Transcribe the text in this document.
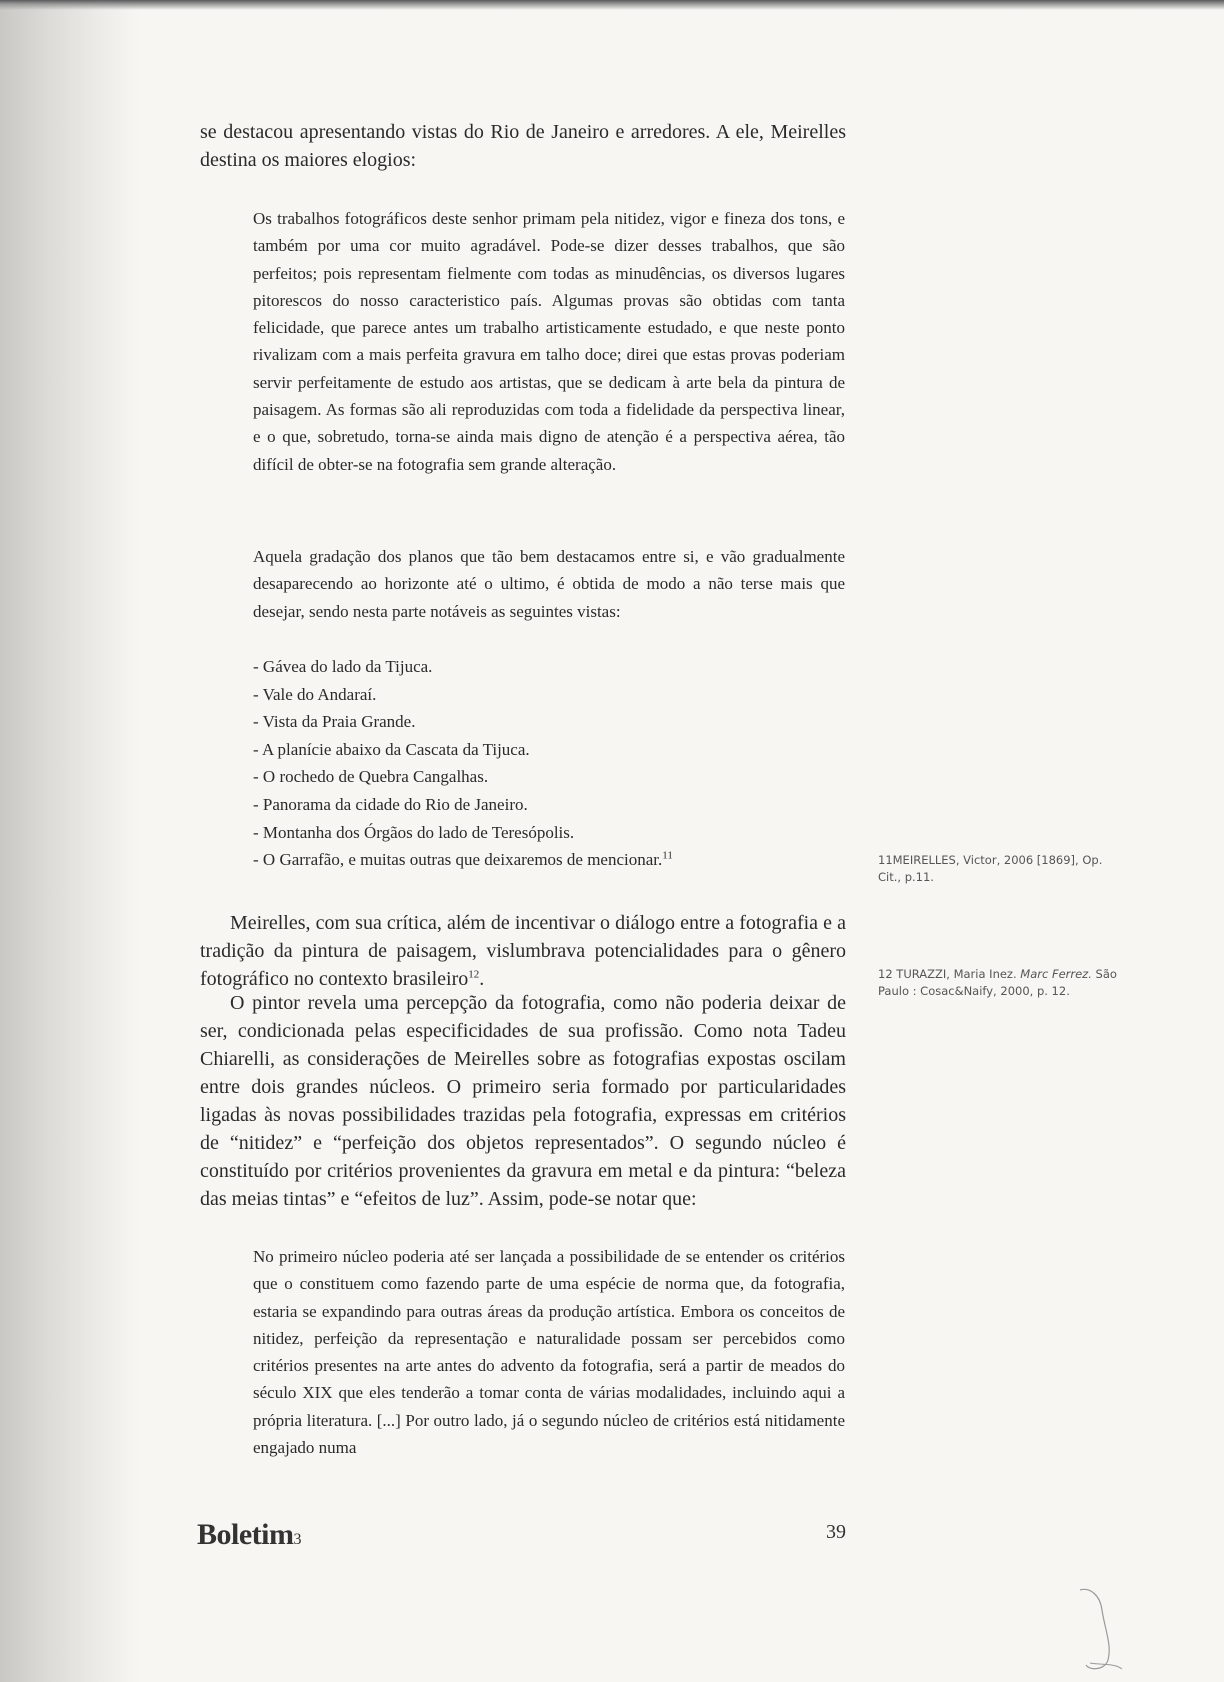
se destacou apresentando vistas do Rio de Janeiro e arredores. A ele, Meirelles destina os maiores elogios:

Os trabalhos fotográficos deste senhor primam pela nitidez, vigor e fineza dos tons, e também por uma cor muito agradável. Pode-se dizer desses trabalhos, que são perfeitos; pois representam fielmente com todas as minudências, os diversos lugares pitorescos do nosso caracteristico país. Algumas provas são obtidas com tanta felicidade, que parece antes um trabalho artisticamente estudado, e que neste ponto rivalizam com a mais perfeita gravura em talho doce; direi que estas provas poderiam servir perfeitamente de estudo aos artistas, que se dedicam à arte bela da pintura de paisagem. As formas são ali reproduzidas com toda a fidelidade da perspectiva linear, e o que, sobretudo, torna-se ainda mais digno de atenção é a perspectiva aérea, tão difícil de obter-se na fotografia sem grande alteração.

Aquela gradação dos planos que tão bem destacamos entre si, e vão gradualmente desaparecendo ao horizonte até o ultimo, é obtida de modo a não terse mais que desejar, sendo nesta parte notáveis as seguintes vistas:

- Gávea do lado da Tijuca.
- Vale do Andaraí.
- Vista da Praia Grande.
- A planície abaixo da Cascata da Tijuca.
- O rochedo de Quebra Cangalhas.
- Panorama da cidade do Rio de Janeiro.
- Montanha dos Órgãos do lado de Teresópolis.
- O Garrafão, e muitas outras que deixaremos de mencionar.$^{11}$

Meirelles, com sua crítica, além de incentivar o diálogo entre a fotografia e a tradição da pintura de paisagem, vislumbrava potencialidades para o gênero fotográfico no contexto brasileiro$^{12}$.

O pintor revela uma percepção da fotografia, como não poderia deixar de ser, condicionada pelas especificidades de sua profissão. Como nota Tadeu Chiarelli, as considerações de Meirelles sobre as fotografias expostas oscilam entre dois grandes núcleos. O primeiro seria formado por particularidades ligadas às novas possibilidades trazidas pela fotografia, expressas em critérios de “nitidez” e “perfeição dos objetos representados”. O segundo núcleo é constituído por critérios provenientes da gravura em metal e da pintura: “beleza das meias tintas” e “efeitos de luz”. Assim, pode-se notar que:

No primeiro núcleo poderia até ser lançada a possibilidade de se entender os critérios que o constituem como fazendo parte de uma espécie de norma que, da fotografia, estaria se expandindo para outras áreas da produção artística. Embora os conceitos de nitidez, perfeição da representação e naturalidade possam ser percebidos como critérios presentes na arte antes do advento da fotografia, será a partir de meados do século XIX que eles tenderão a tomar conta de várias modalidades, incluindo aqui a própria literatura. [...] Por outro lado, já o segundo núcleo de critérios está nitidamente engajado numa

11MEIRELLES, Victor, 2006 [1869], Op. Cit., p.11.

12 TURAZZI, Maria Inez. Marc Ferrez. São Paulo : Cosac&Naify, 2000, p. 12.

Boletim3	39
